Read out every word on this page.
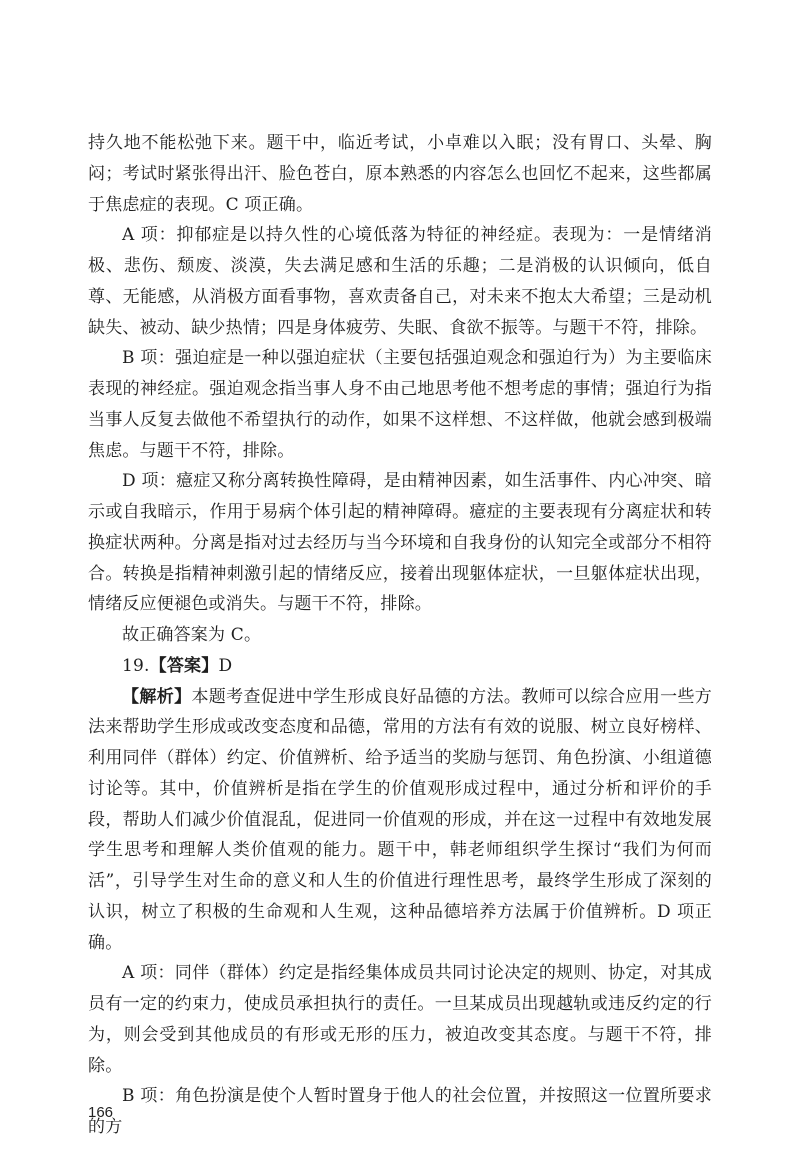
持久地不能松弛下来。题干中，临近考试，小卓难以入眠；没有胃口、头晕、胸闷；考试时紧张得出汗、脸色苍白，原本熟悉的内容怎么也回忆不起来，这些都属于焦虑症的表现。C 项正确。

A 项：抑郁症是以持久性的心境低落为特征的神经症。表现为：一是情绪消极、悲伤、颓废、淡漠，失去满足感和生活的乐趣；二是消极的认识倾向，低自尊、无能感，从消极方面看事物，喜欢责备自己，对未来不抱太大希望；三是动机缺失、被动、缺少热情；四是身体疲劳、失眠、食欲不振等。与题干不符，排除。

B 项：强迫症是一种以强迫症状（主要包括强迫观念和强迫行为）为主要临床表现的神经症。强迫观念指当事人身不由己地思考他不想考虑的事情；强迫行为指当事人反复去做他不希望执行的动作，如果不这样想、不这样做，他就会感到极端焦虑。与题干不符，排除。

D 项：癔症又称分离转换性障碍，是由精神因素，如生活事件、内心冲突、暗示或自我暗示，作用于易病个体引起的精神障碍。癔症的主要表现有分离症状和转换症状两种。分离是指对过去经历与当今环境和自我身份的认知完全或部分不相符合。转换是指精神刺激引起的情绪反应，接着出现躯体症状，一旦躯体症状出现，情绪反应便褪色或消失。与题干不符，排除。

故正确答案为 C。

19.【答案】D

【解析】本题考查促进中学生形成良好品德的方法。教师可以综合应用一些方法来帮助学生形成或改变态度和品德，常用的方法有有效的说服、树立良好榜样、利用同伴（群体）约定、价值辨析、给予适当的奖励与惩罚、角色扮演、小组道德讨论等。其中，价值辨析是指在学生的价值观形成过程中，通过分析和评价的手段，帮助人们减少价值混乱，促进同一价值观的形成，并在这一过程中有效地发展学生思考和理解人类价值观的能力。题干中，韩老师组织学生探讨“我们为何而活”，引导学生对生命的意义和人生的价值进行理性思考，最终学生形成了深刻的认识，树立了积极的生命观和人生观，这种品德培养方法属于价值辨析。D 项正确。

A 项：同伴（群体）约定是指经集体成员共同讨论决定的规则、协定，对其成员有一定的约束力，使成员承担执行的责任。一旦某成员出现越轨或违反约定的行为，则会受到其他成员的有形或无形的压力，被迫改变其态度。与题干不符，排除。

B 项：角色扮演是使个人暂时置身于他人的社会位置，并按照这一位置所要求的方

166
